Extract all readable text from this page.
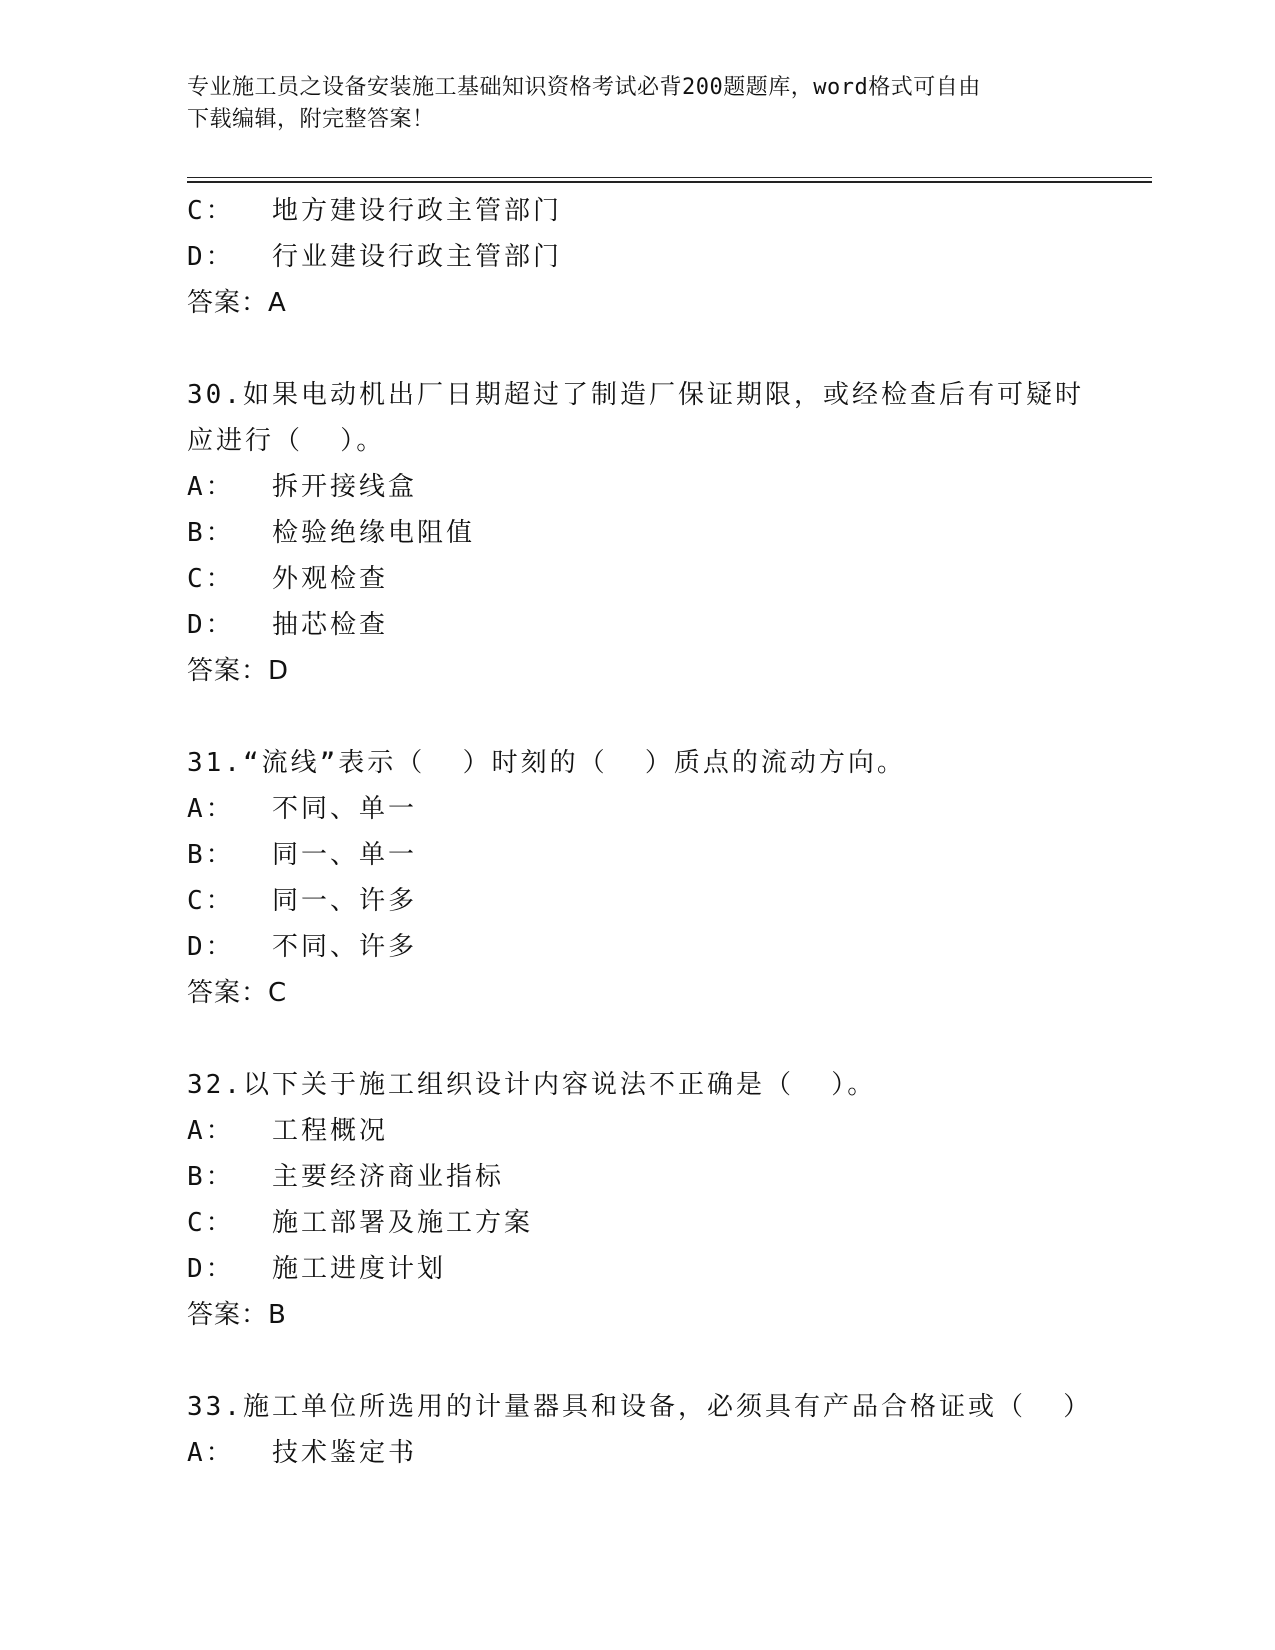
专业施工员之设备安装施工基础知识资格考试必背200题题库，word格式可自由
下载编辑，附完整答案！
C：  地方建设行政主管部门
D：  行业建设行政主管部门
答案：A
30.如果电动机出厂日期超过了制造厂保证期限，或经检查后有可疑时
应进行（  ）。
A：  拆开接线盒
B：  检验绝缘电阻值
C：  外观检查
D：  抽芯检查
答案：D
31.“流线”表示（  ）时刻的（  ）质点的流动方向。
A：  不同、单一
B：  同一、单一
C：  同一、许多
D：  不同、许多
答案：C
32.以下关于施工组织设计内容说法不正确是（  ）。
A：  工程概况
B：  主要经济商业指标
C：  施工部署及施工方案
D：  施工进度计划
答案：B
33.施工单位所选用的计量器具和设备，必须具有产品合格证或（  ）
A：  技术鉴定书
